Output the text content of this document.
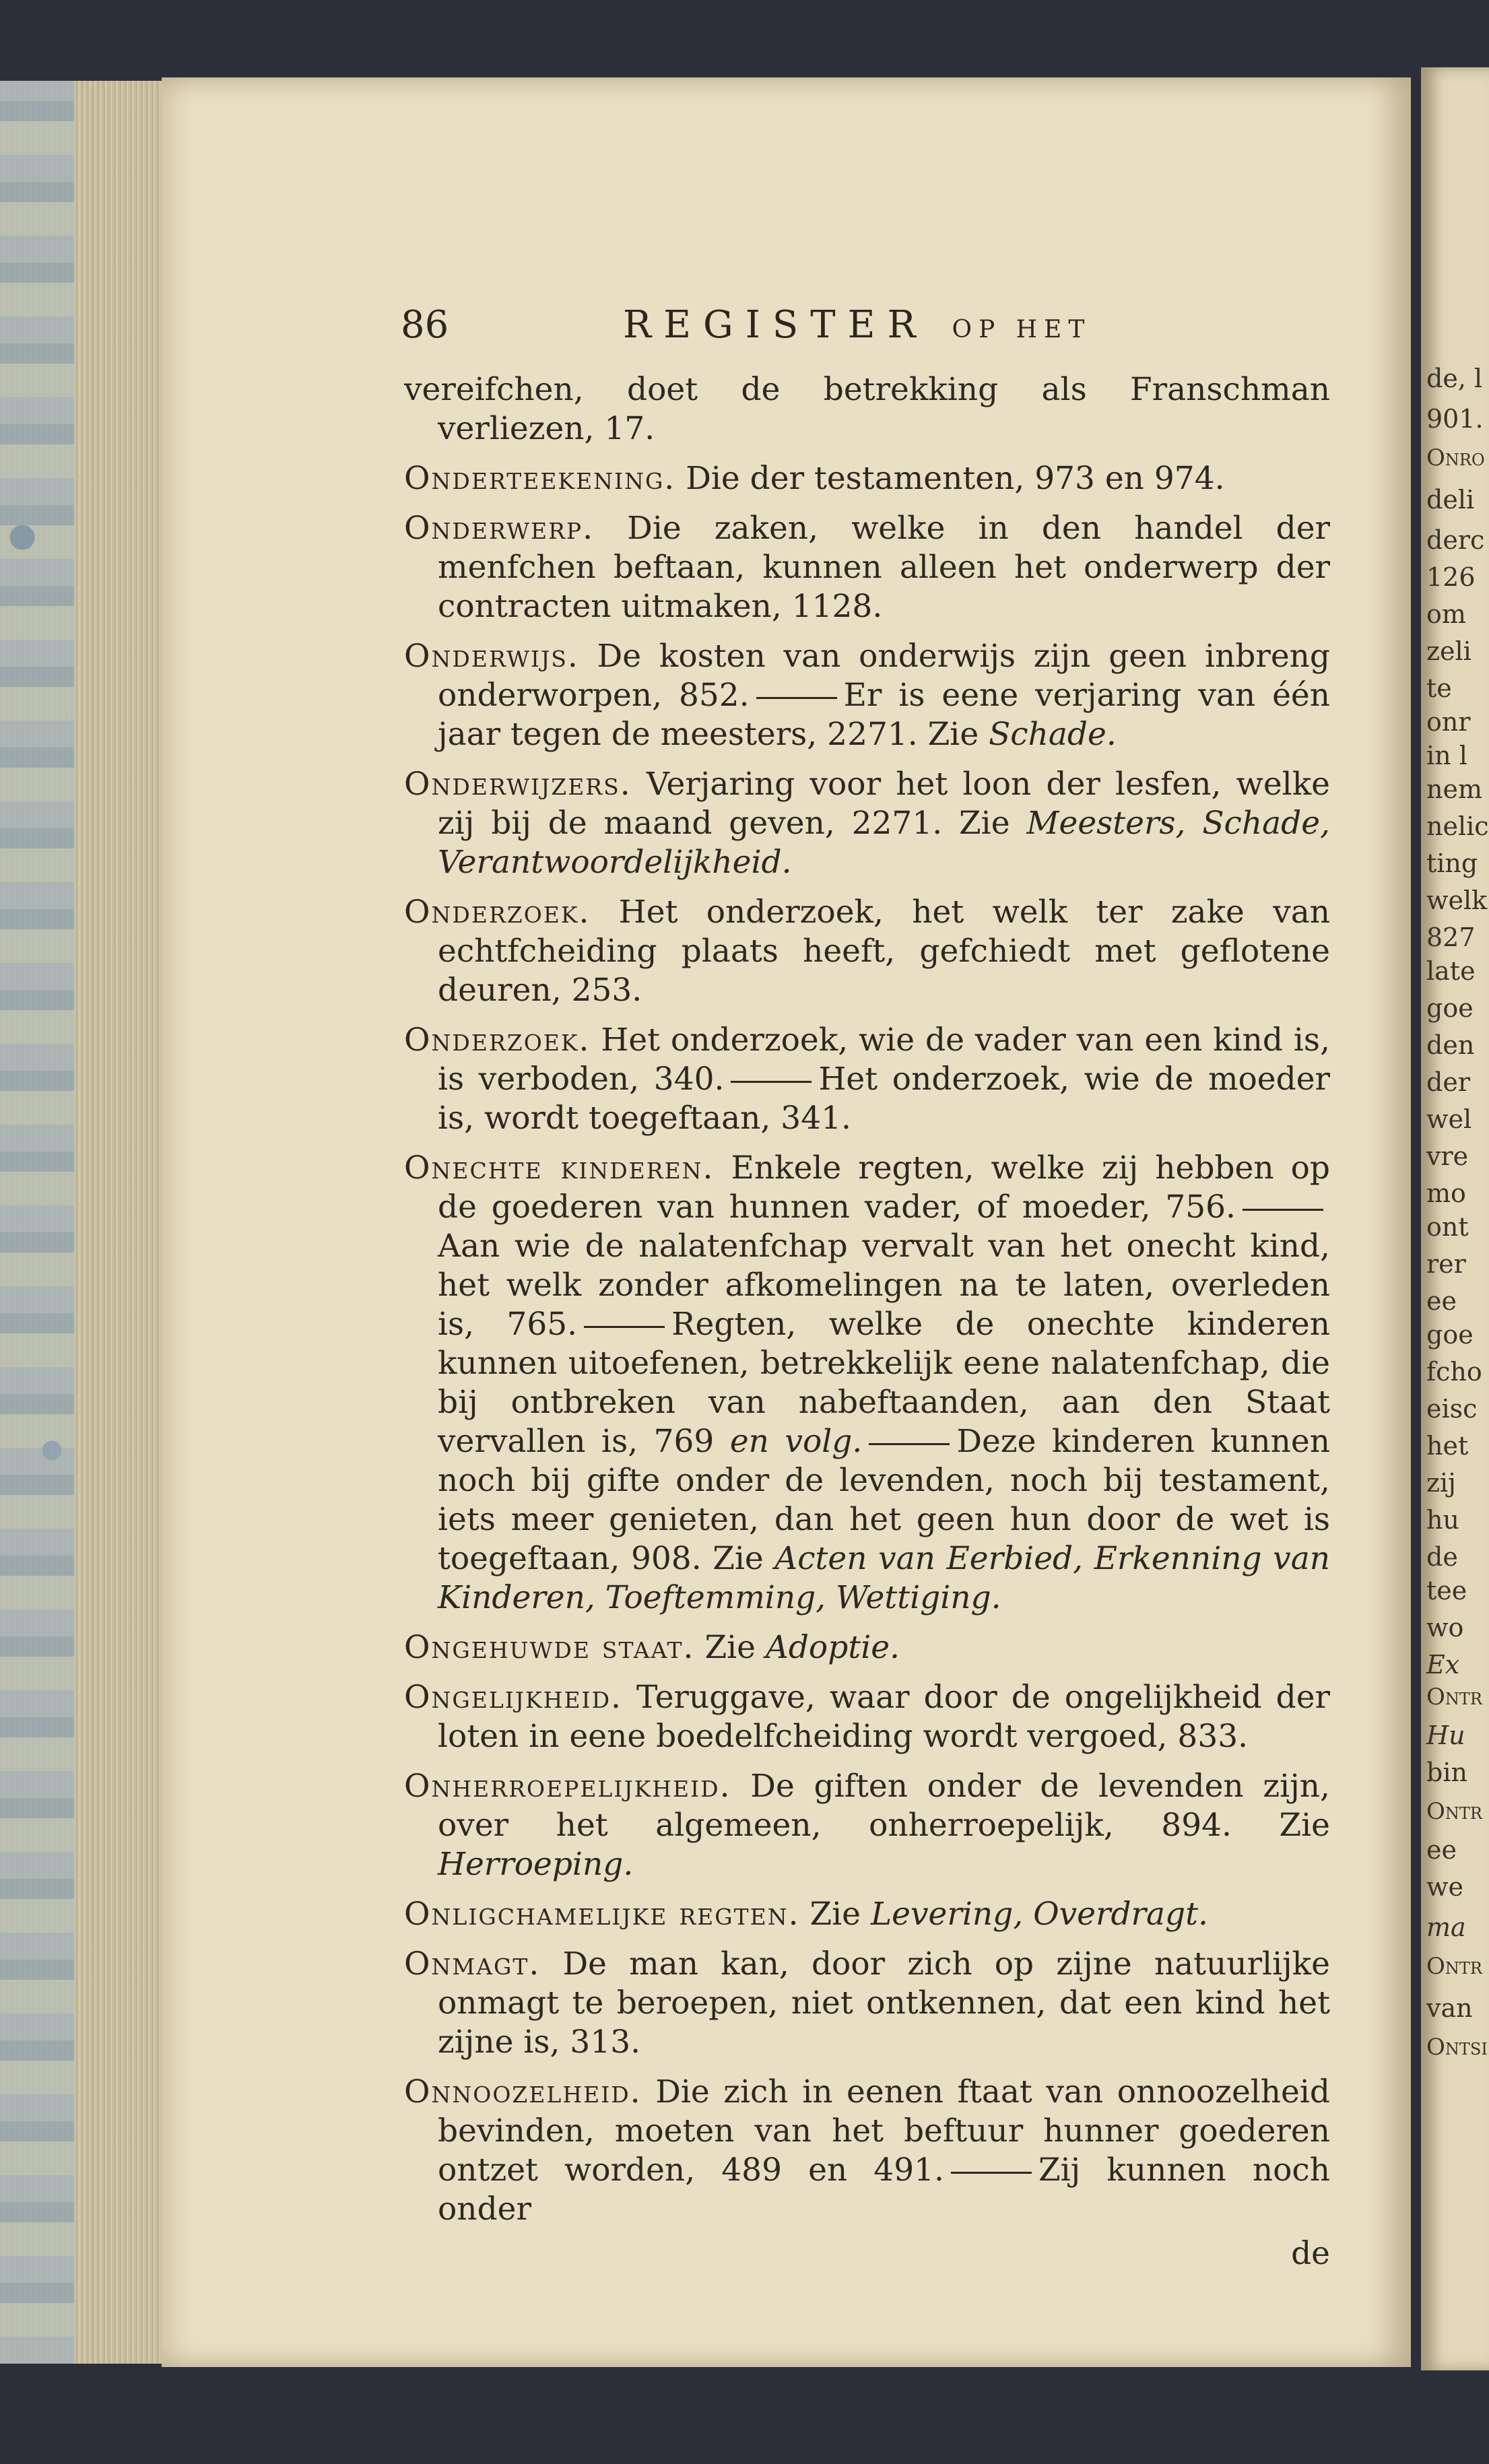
de, l
901.
Onro
deli
derc
126
om
zeli
te
onr
in l
nem
nelic
ting
welk
827
late
goe
den
der
wel
vre
mo
ont
rer
ee
goe
fcho
eisc
het
zij
hu
de
tee
wo
Ex
Ontr
Hu
bin
Ontr
ee
we
ma
Ontr
van
Ontsi
86	REGISTER OP HET

vereifchen, doet de betrekking als Franschman verliezen, 17.

Onderteekening. Die der testamenten, 973 en 974.

Onderwerp. Die zaken, welke in den handel der menfchen beftaan, kunnen alleen het onderwerp der contracten uitmaken, 1128.

Onderwijs. De kosten van onderwijs zijn geen inbreng onderworpen, 852.	Er is eene verjaring van één jaar tegen de meesters, 2271. Zie Schade.

Onderwijzers. Verjaring voor het loon der lesfen, welke zij bij de maand geven, 2271. Zie Meesters, Schade, Verantwoordelijkheid.

Onderzoek. Het onderzoek, het welk ter zake van echtfcheiding plaats heeft, gefchiedt met geflotene deuren, 253.

Onderzoek. Het onderzoek, wie de vader van een kind is, is verboden, 340.	Het onderzoek, wie de moeder is, wordt toegeftaan, 341.

Onechte kinderen. Enkele regten, welke zij hebben op de goederen van hunnen vader, of moeder, 756.Aan wie de nalatenfchap vervalt van het onecht kind, het welk zonder afkomelingen na te laten, overleden is, 765.	Regten, welke de onechte kinderen kunnen uitoefenen, betrekkelijk eene nalatenfchap, die bij ontbreken van nabeftaanden, aan den Staat vervallen is, 769 en volg.	Deze kinderen kunnen noch bij gifte onder de levenden, noch bij testament, iets meer genieten, dan het geen hun door de wet is toegeftaan, 908. Zie Acten van Eerbied, Erkenning van Kinderen, Toeftemming, Wettiging.

Ongehuwde staat. Zie Adoptie.

Ongelijkheid. Teruggave, waar door de ongelijkheid der loten in eene boedelfcheiding wordt vergoed, 833.

Onherroepelijkheid. De giften onder de levenden zijn, over het algemeen, onherroepelijk, 894. Zie Herroeping.

Onligchamelijke regten. Zie Levering, Overdragt.

Onmagt. De man kan, door zich op zijne natuurlijke onmagt te beroepen, niet ontkennen, dat een kind het zijne is, 313.

Onnoozelheid. Die zich in eenen ftaat van onnoozelheid bevinden, moeten van het beftuur hunner goederen ontzet worden, 489 en 491.	Zij kunnen noch onder

de
